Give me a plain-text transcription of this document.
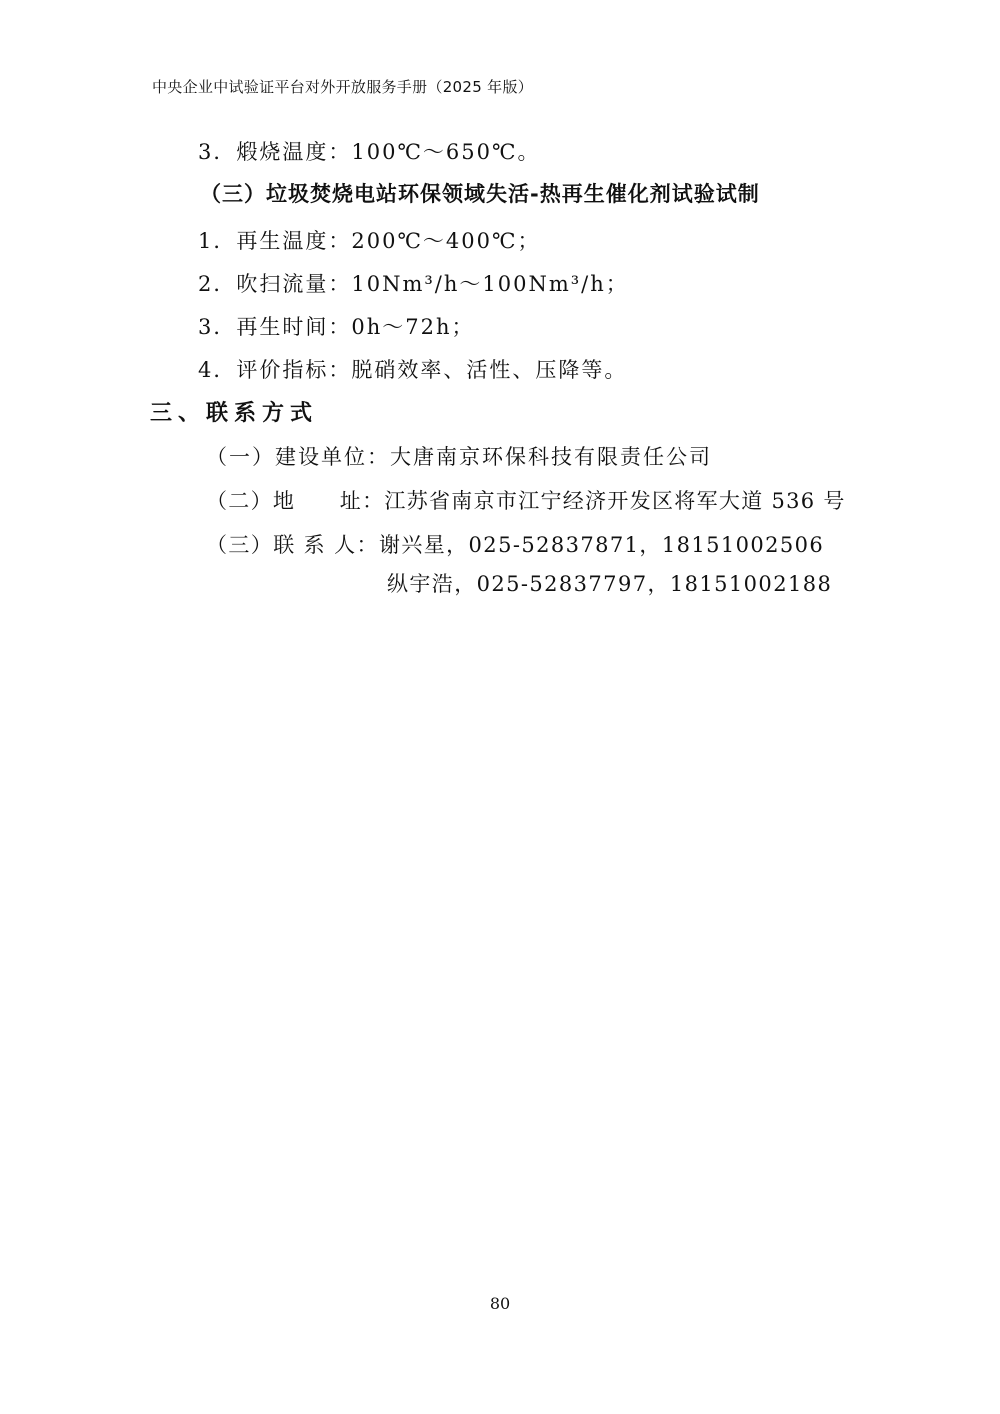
中央企业中试验证平台对外开放服务手册（2025 年版）
3．煅烧温度：100℃～650℃。
（三）垃圾焚烧电站环保领域失活-热再生催化剂试验试制
1．再生温度：200℃～400℃；
2．吹扫流量：10Nm³/h～100Nm³/h；
3．再生时间：0h～72h；
4．评价指标：脱硝效率、活性、压降等。
三、联系方式
（一）建设单位：大唐南京环保科技有限责任公司
（二）地　　址：江苏省南京市江宁经济开发区将军大道 536 号
（三）联 系 人：谢兴星，025-52837871，18151002506
纵宇浩，025-52837797，18151002188
80
